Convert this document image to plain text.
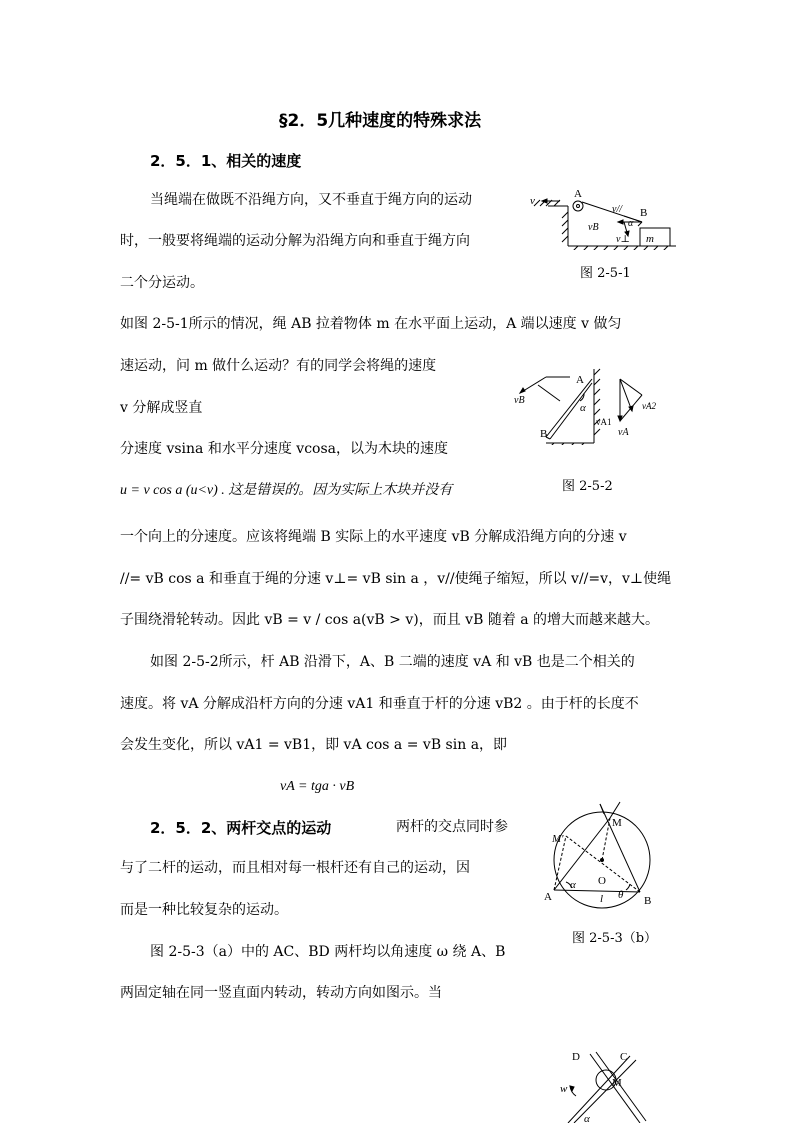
§2．5几种速度的特殊求法
2．5．1、相关的速度
当绳端在做既不沿绳方向，又不垂直于绳方向的运动
时，一般要将绳端的运动分解为沿绳方向和垂直于绳方向
二个分运动。
如图 2-5-1所示的情况，绳 AB 拉着物体 m 在水平面上运动，A 端以速度 v 做匀
速运动，问 m 做什么运动？有的同学会将绳的速度
v 分解成竖直
分速度 vsina 和水平分速度 vcosa，以为木块的速度
u = v cos a (u<v) . 这是错误的。因为实际上木块并没有
一个向上的分速度。应该将绳端 B 实际上的水平速度 vB 分解成沿绳方向的分速 v
//= vB cos a 和垂直于绳的分速 v⊥= vB sin a ，v//使绳子缩短，所以 v//=v，v⊥使绳
子围绕滑轮转动。因此 vB = v / cos a(vB > v)，而且 vB 随着 a 的增大而越来越大。
如图 2-5-2所示，杆 AB 沿滑下，A、B 二端的速度 vA 和 vB 也是二个相关的
速度。将 vA 分解成沿杆方向的分速 vA1 和垂直于杆的分速 vB2 。由于杆的长度不
会发生变化，所以 vA1 = vB1，即 vA cos a = vB sin a，即
vA = tga · vB
2．5．2、两杆交点的运动	两杆的交点同时参
与了二杆的运动，而且相对每一根杆还有自己的运动，因
而是一种比较复杂的运动。
图 2-5-3（a）中的 AC、BD 两杆均以角速度 ω 绕 A、B
两固定轴在同一竖直面内转动，转动方向如图示。当
A
v
B
vB
v//
α
v⊥ m
图 2-5-1
A
vB
B
α
vA1
vA
vA2
图 2-5-2
M
M'
O
A	B
α
θ
l
图 2-5-3（b）
D	C
M
w
α
